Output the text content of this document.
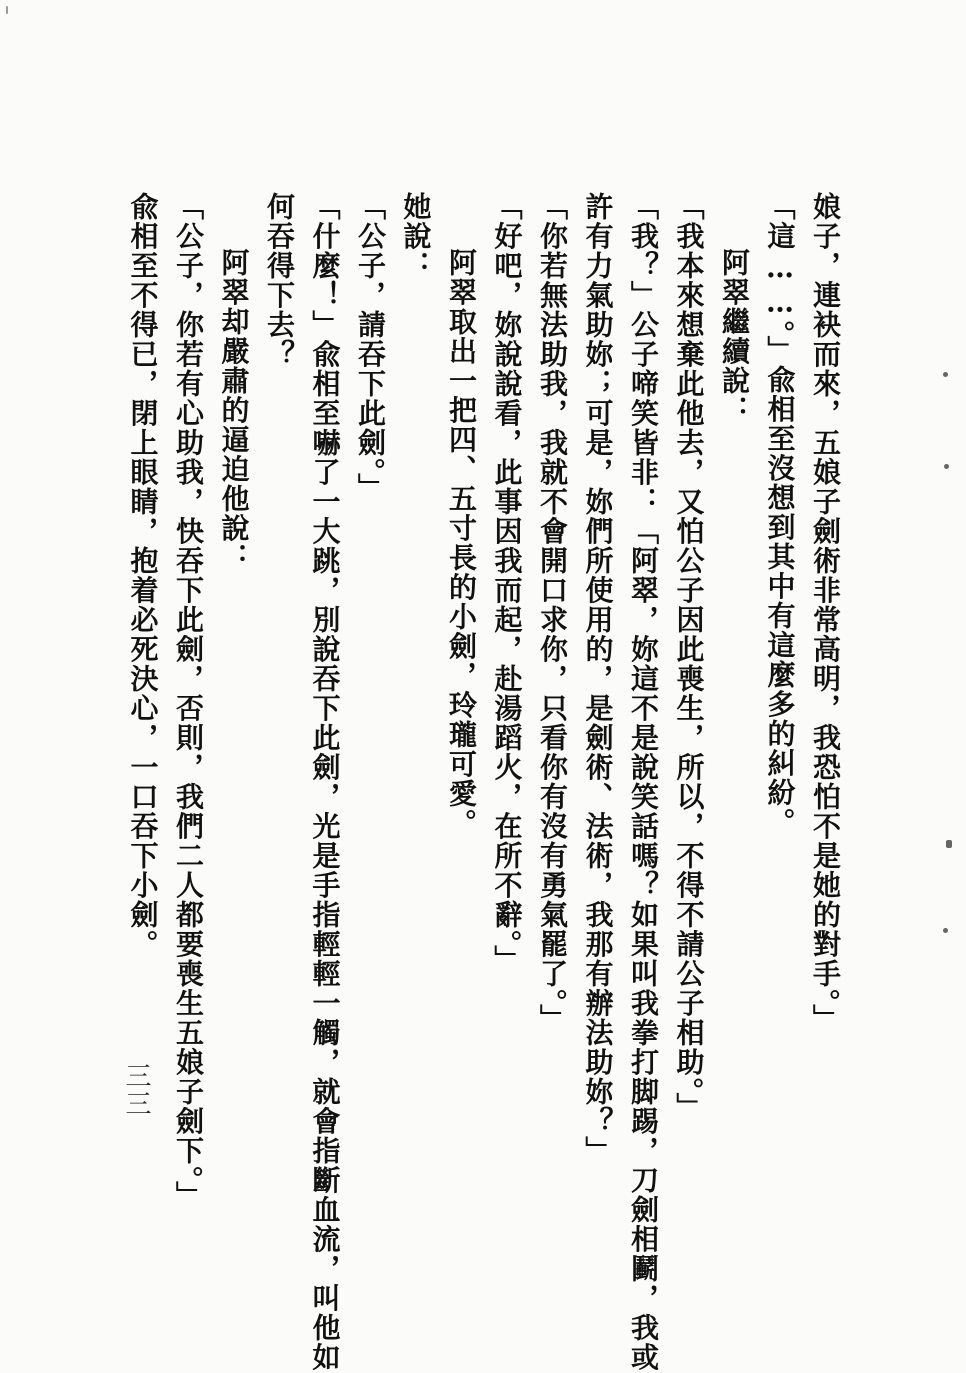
娘子，連袂而來，五娘子劍術非常高明，我恐怕不是她的對手。」
「這……。」兪相至沒想到其中有這麼多的糾紛。
阿翠繼續說：
「我本來想棄此他去，又怕公子因此喪生，所以，不得不請公子相助。」
「我？」公子啼笑皆非：「阿翠，妳這不是說笑話嗎？如果叫我拳打脚踢，刀劍相鬬，我或
許有力氣助妳；可是，妳們所使用的，是劍術、法術，我那有辦法助妳？」
「你若無法助我，我就不會開口求你，只看你有沒有勇氣罷了。」
「好吧，妳說說看，此事因我而起，赴湯蹈火，在所不辭。」
阿翠取出一把四、五寸長的小劍，玲瓏可愛。
她說：
「公子，請吞下此劍。」
「什麼！」兪相至嚇了一大跳，別說吞下此劍，光是手指輕輕一觸，就會指斷血流，叫他如
何吞得下去？
阿翠却嚴肅的逼迫他說：
「公子，你若有心助我，快吞下此劍，否則，我們二人都要喪生五娘子劍下。」
兪相至不得已，閉上眼睛，抱着必死決心，一口吞下小劍。
三三
